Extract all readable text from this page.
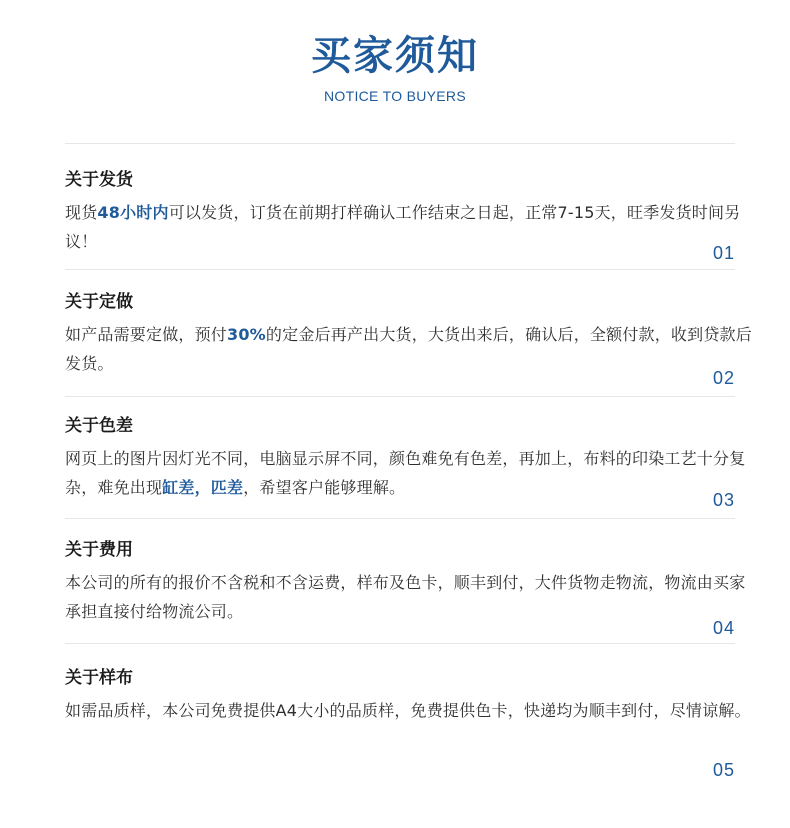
买家须知
NOTICE TO BUYERS
关于发货
现货48小时内可以发货，订货在前期打样确认工作结束之日起，正常7-15天，旺季发货时间另议！
01
关于定做
如产品需要定做，预付30%的定金后再产出大货，大货出来后，确认后，全额付款，收到贷款后发货。
02
关于色差
网页上的图片因灯光不同，电脑显示屏不同，颜色难免有色差，再加上，布料的印染工艺十分复杂，难免出现缸差，匹差，希望客户能够理解。
03
关于费用
本公司的所有的报价不含税和不含运费，样布及色卡，顺丰到付，大件货物走物流，物流由买家承担直接付给物流公司。
04
关于样布
如需品质样，本公司免费提供A4大小的品质样，免费提供色卡，快递均为顺丰到付，尽情谅解。
05
